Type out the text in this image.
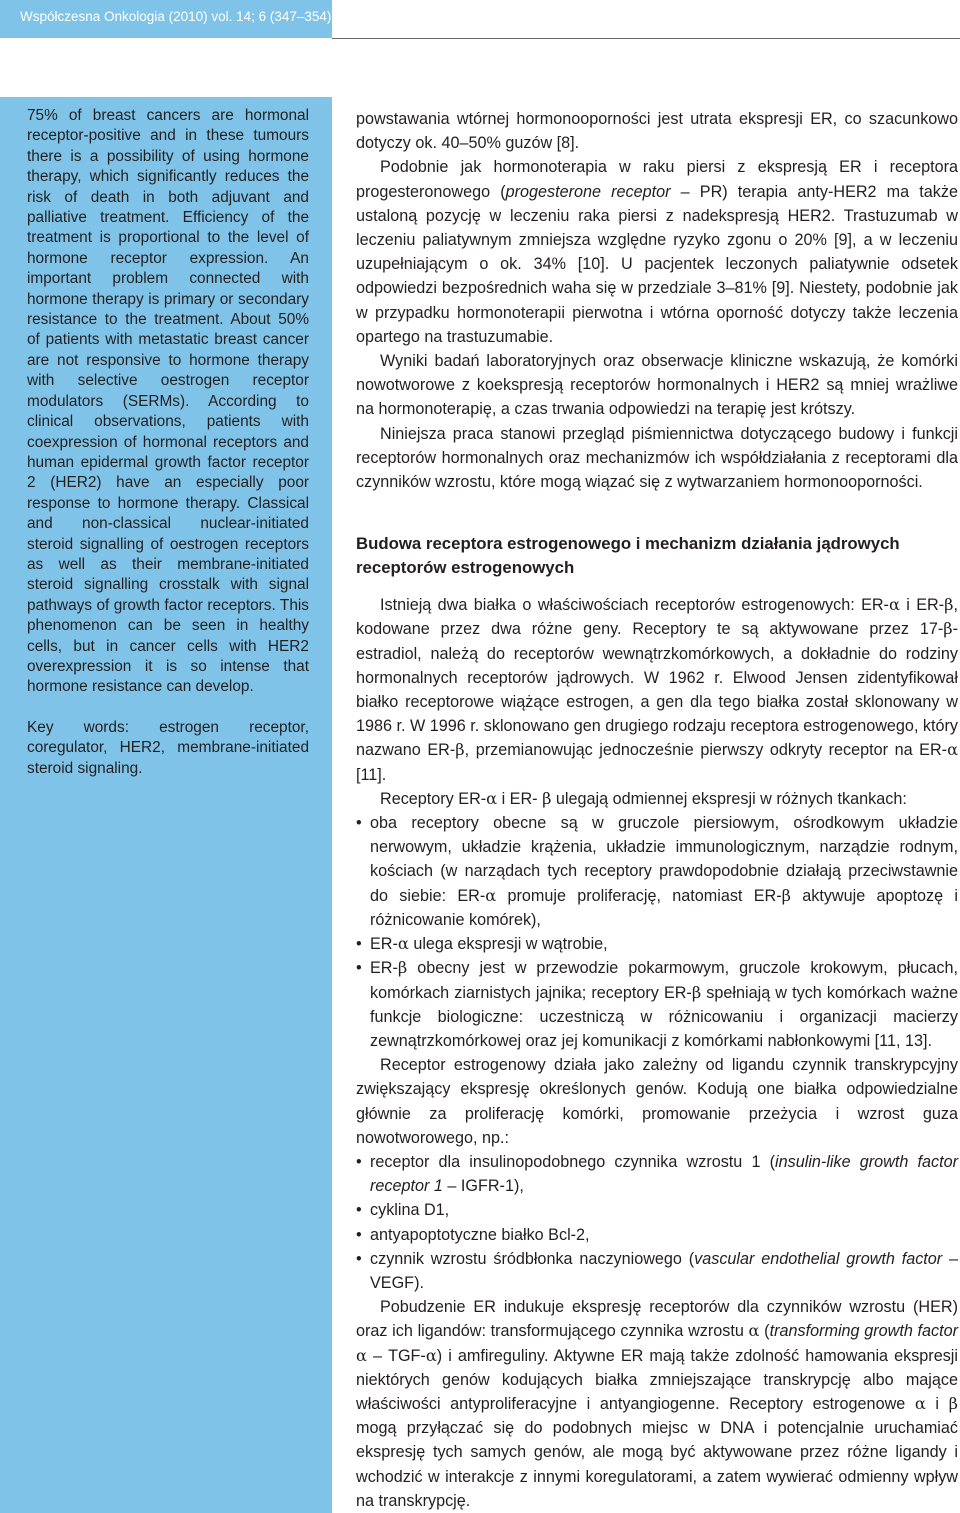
Współczesna Onkologia (2010) vol. 14; 6 (347–354)

75% of breast cancers are hormonal receptor-positive and in these tumours there is a possibility of using hormone therapy, which significantly reduces the risk of death in both adjuvant and palliative treatment. Efficiency of the treatment is proportional to the level of hormone receptor expression. An important problem connected with hormone therapy is primary or secondary resistance to the treatment. About 50% of patients with metastatic breast cancer are not responsive to hormone therapy with selective oestrogen receptor modulators (SERMs). According to clinical observations, patients with coexpression of hormonal receptors and human epidermal growth factor receptor 2 (HER2) have an especially poor response to hormone therapy. Classical and non-classical nuclear-initiated steroid signalling of oestrogen receptors as well as their membrane-initiated steroid signalling crosstalk with signal pathways of growth factor receptors. This phenomenon can be seen in healthy cells, but in cancer cells with HER2 overexpression it is so intense that hormone resistance can develop.

Key words: estrogen receptor, coregulator, HER2, membrane-initiated steroid signaling.

powstawania wtórnej hormonooporności jest utrata ekspresji ER, co szacunkowo dotyczy ok. 40–50% guzów [8].

Podobnie jak hormonoterapia w raku piersi z ekspresją ER i receptora progesteronowego (progesterone receptor – PR) terapia anty-HER2 ma także ustaloną pozycję w leczeniu raka piersi z nadekspresją HER2. Trastuzumab w leczeniu paliatywnym zmniejsza względne ryzyko zgonu o 20% [9], a w leczeniu uzupełniającym o ok. 34% [10]. U pacjentek leczonych paliatywnie odsetek odpowiedzi bezpośrednich waha się w przedziale 3–81% [9]. Niestety, podobnie jak w przypadku hormonoterapii pierwotna i wtórna oporność dotyczy także leczenia opartego na trastuzumabie.

Wyniki badań laboratoryjnych oraz obserwacje kliniczne wskazują, że komórki nowotworowe z koekspresją receptorów hormonalnych i HER2 są mniej wrażliwe na hormonoterapię, a czas trwania odpowiedzi na terapię jest krótszy.

Niniejsza praca stanowi przegląd piśmiennictwa dotyczącego budowy i funkcji receptorów hormonalnych oraz mechanizmów ich współdziałania z receptorami dla czynników wzrostu, które mogą wiązać się z wytwarzaniem hormonooporności.

Budowa receptora estrogenowego i mechanizm działania jądrowych receptorów estrogenowych

Istnieją dwa białka o właściwościach receptorów estrogenowych: ER-α i ER-β, kodowane przez dwa różne geny. Receptory te są aktywowane przez 17-β-estradiol, należą do receptorów wewnątrzkomórkowych, a dokładnie do rodziny hormonalnych receptorów jądrowych. W 1962 r. Elwood Jensen zidentyfikował białko receptorowe wiążące estrogen, a gen dla tego białka został sklonowany w 1986 r. W 1996 r. sklonowano gen drugiego rodzaju receptora estrogenowego, który nazwano ER-β, przemianowując jednocześnie pierwszy odkryty receptor na ER-α [11].

Receptory ER-α i ER- β ulegają odmiennej ekspresji w różnych tkankach:

• oba receptory obecne są w gruczole piersiowym, ośrodkowym układzie nerwowym, układzie krążenia, układzie immunologicznym, narządzie rodnym, kościach (w narządach tych receptory prawdopodobnie działają przeciwstawnie do siebie: ER-α promuje proliferację, natomiast ER-β aktywuje apoptozę i różnicowanie komórek),
• ER-α ulega ekspresji w wątrobie,
• ER-β obecny jest w przewodzie pokarmowym, gruczole krokowym, płucach, komórkach ziarnistych jajnika; receptory ER-β spełniają w tych komórkach ważne funkcje biologiczne: uczestniczą w różnicowaniu i organizacji macierzy zewnątrzkomórkowej oraz jej komunikacji z komórkami nabłonkowymi [11, 13].

Receptor estrogenowy działa jako zależny od ligandu czynnik transkrypcyjny zwiększający ekspresję określonych genów. Kodują one białka odpowiedzialne głównie za proliferację komórki, promowanie przeżycia i wzrost guza nowotworowego, np.:

• receptor dla insulinopodobnego czynnika wzrostu 1 (insulin-like growth factor receptor 1 – IGFR-1),
• cyklina D1,
• antyapoptotyczne białko Bcl-2,
• czynnik wzrostu śródbłonka naczyniowego (vascular endothelial growth factor – VEGF).

Pobudzenie ER indukuje ekspresję receptorów dla czynników wzrostu (HER) oraz ich ligandów: transformującego czynnika wzrostu α (transforming growth factor α – TGF-α) i amfireguliny. Aktywne ER mają także zdolność hamowania ekspresji niektórych genów kodujących białka zmniejszające transkrypcję albo mające właściwości antyproliferacyjne i antyangiogenne. Receptory estrogenowe α i β mogą przyłączać się do podobnych miejsc w DNA i potencjalnie uruchamiać ekspresję tych samych genów, ale mogą być aktywowane przez różne ligandy i wchodzić w interakcje z innymi koregulatorami, a zatem wywierać odmienny wpływ na transkrypcję.
